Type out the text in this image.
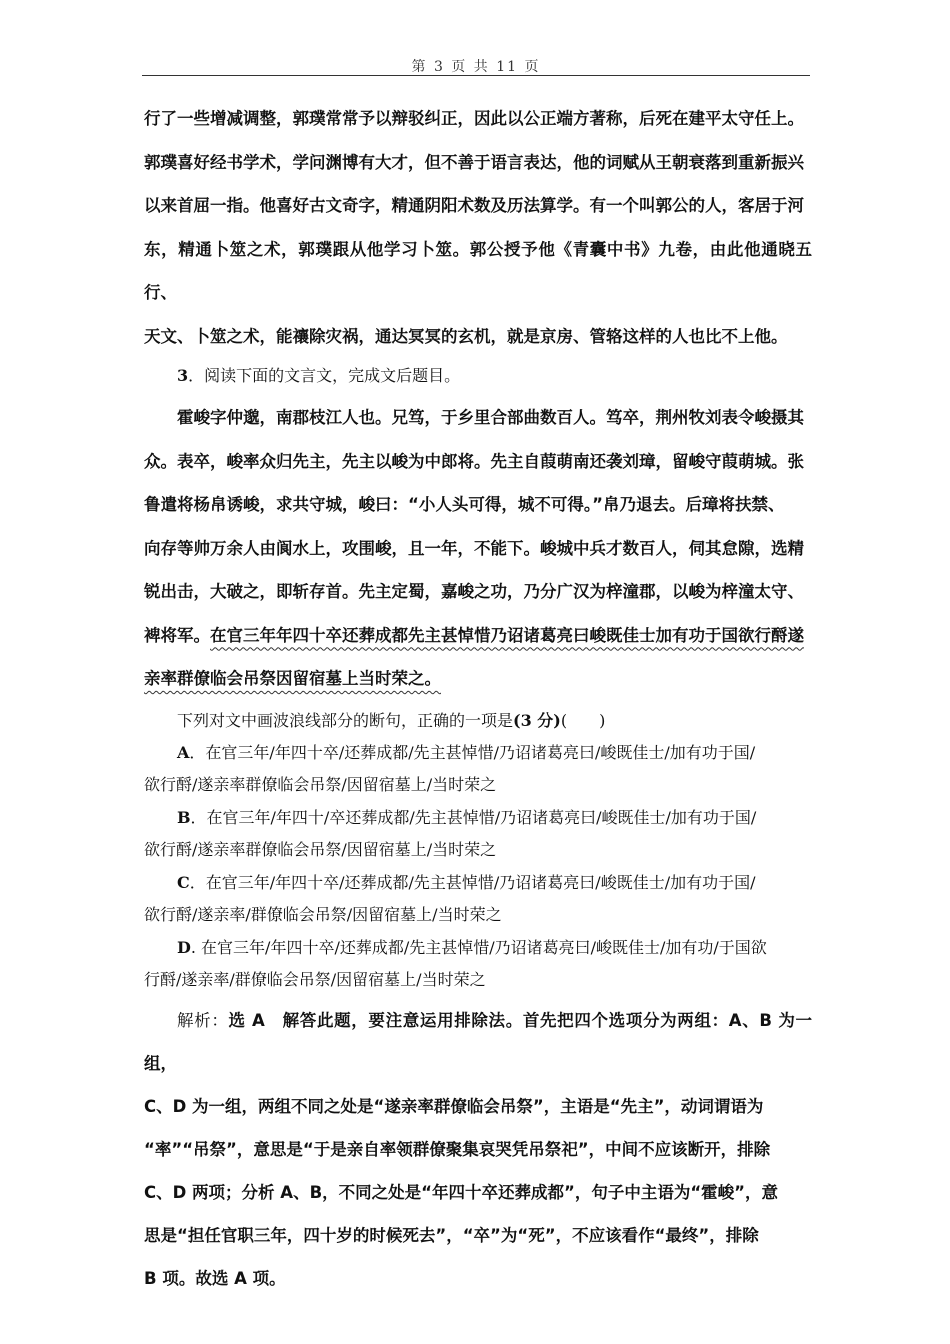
第 3 页 共 11 页

行了一些增减调整，郭璞常常予以辩驳纠正，因此以公正端方著称，后死在建平太守任上。

郭璞喜好经书学术，学问渊博有大才，但不善于语言表达，他的词赋从王朝衰落到重新振兴

以来首屈一指。他喜好古文奇字，精通阴阳术数及历法算学。有一个叫郭公的人，客居于河

东，精通卜筮之术，郭璞跟从他学习卜筮。郭公授予他《青囊中书》九卷，由此他通晓五行、

天文、卜筮之术，能禳除灾祸，通达冥冥的玄机，就是京房、管辂这样的人也比不上他。

3．阅读下面的文言文，完成文后题目。

霍峻字仲邈，南郡枝江人也。兄笃，于乡里合部曲数百人。笃卒，荆州牧刘表令峻摄其

众。表卒，峻率众归先主，先主以峻为中郎将。先主自葭萌南还袭刘璋，留峻守葭萌城。张

鲁遣将杨帛诱峻，求共守城，峻曰：“小人头可得，城不可得。”帛乃退去。后璋将扶禁、

向存等帅万余人由阆水上，攻围峻，且一年，不能下。峻城中兵才数百人，伺其怠隙，选精

锐出击，大破之，即斩存首。先主定蜀，嘉峻之功，乃分广汉为梓潼郡，以峻为梓潼太守、

裨将军。在官三年年四十卒还葬成都先主甚悼惜乃诏诸葛亮曰峻既佳士加有功于国欲行酹遂

亲率群僚临会吊祭因留宿墓上当时荣之。

下列对文中画波浪线部分的断句，正确的一项是(3 分)(　　)

A．在官三年/年四十卒/还葬成都/先主甚悼惜/乃诏诸葛亮曰/峻既佳士/加有功于国/

欲行酹/遂亲率群僚临会吊祭/因留宿墓上/当时荣之

B．在官三年/年四十/卒还葬成都/先主甚悼惜/乃诏诸葛亮曰/峻既佳士/加有功于国/

欲行酹/遂亲率群僚临会吊祭/因留宿墓上/当时荣之

C．在官三年/年四十卒/还葬成都/先主甚悼惜/乃诏诸葛亮曰/峻既佳士/加有功于国/

欲行酹/遂亲率/群僚临会吊祭/因留宿墓上/当时荣之

D. 在官三年/年四十卒/还葬成都/先主甚悼惜/乃诏诸葛亮曰/峻既佳士/加有功/于国欲

行酹/遂亲率/群僚临会吊祭/因留宿墓上/当时荣之

解析：选 A　解答此题，要注意运用排除法。首先把四个选项分为两组：A、B 为一组，

C、D 为一组，两组不同之处是“遂亲率群僚临会吊祭”，主语是“先主”，动词谓语为

“率”“吊祭”，意思是“于是亲自率领群僚聚集哀哭凭吊祭祀”，中间不应该断开，排除

C、D 两项；分析 A、B，不同之处是“年四十卒还葬成都”，句子中主语为“霍峻”，意

思是“担任官职三年，四十岁的时候死去”，“卒”为“死”，不应该看作“最终”，排除

B 项。故选 A 项。
